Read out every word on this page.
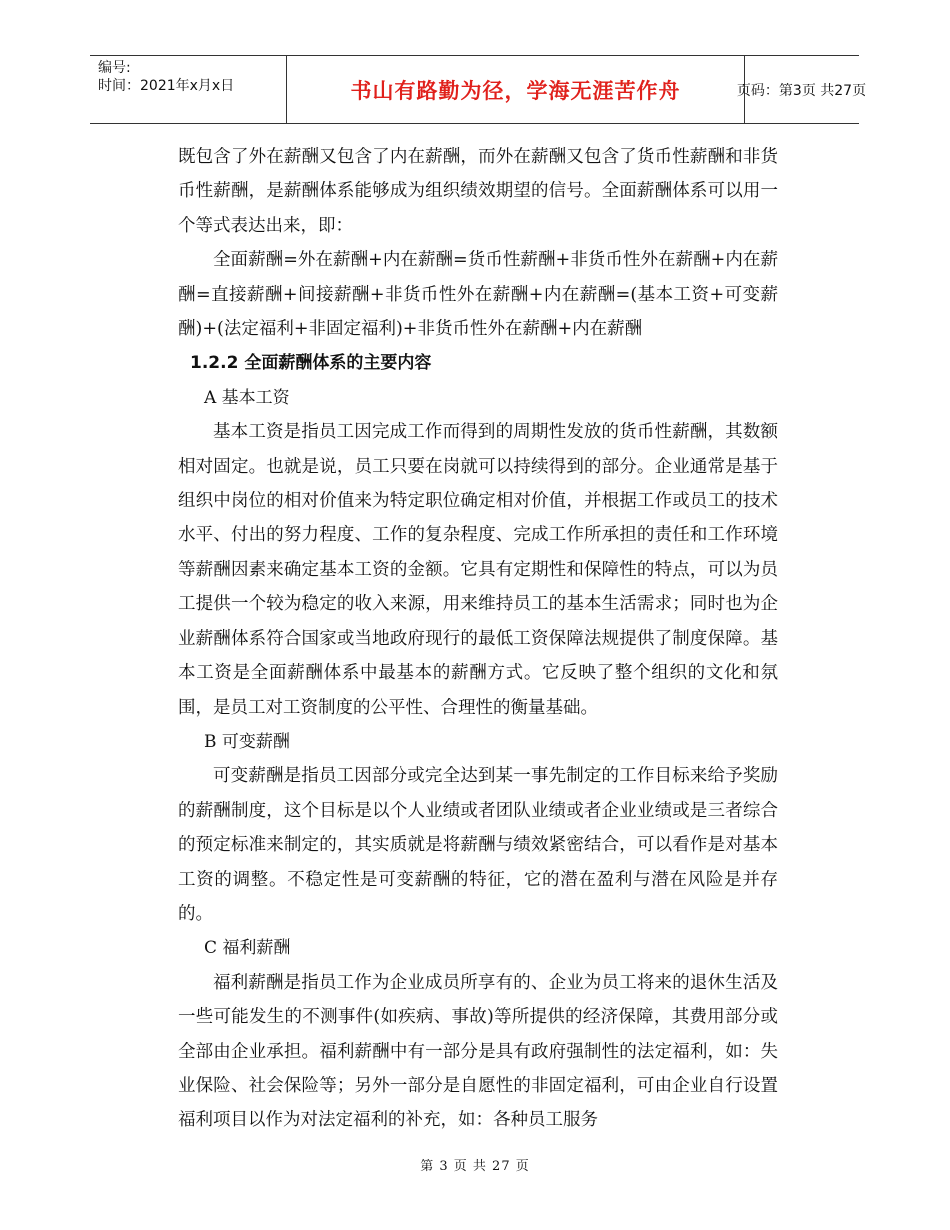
编号:
时间：2021年x月x日	书山有路勤为径，学海无涯苦作舟	页码：第3页 共27页

既包含了外在薪酬又包含了内在薪酬，而外在薪酬又包含了货币性薪酬和非货币性薪酬，是薪酬体系能够成为组织绩效期望的信号。全面薪酬体系可以用一个等式表达出来，即：

全面薪酬=外在薪酬+内在薪酬=货币性薪酬+非货币性外在薪酬+内在薪酬=直接薪酬+间接薪酬+非货币性外在薪酬+内在薪酬=(基本工资+可变薪酬)+(法定福利+非固定福利)+非货币性外在薪酬+内在薪酬

1.2.2 全面薪酬体系的主要内容

A 基本工资

基本工资是指员工因完成工作而得到的周期性发放的货币性薪酬，其数额相对固定。也就是说，员工只要在岗就可以持续得到的部分。企业通常是基于组织中岗位的相对价值来为特定职位确定相对价值，并根据工作或员工的技术水平、付出的努力程度、工作的复杂程度、完成工作所承担的责任和工作环境等薪酬因素来确定基本工资的金额。它具有定期性和保障性的特点，可以为员工提供一个较为稳定的收入来源，用来维持员工的基本生活需求；同时也为企业薪酬体系符合国家或当地政府现行的最低工资保障法规提供了制度保障。基本工资是全面薪酬体系中最基本的薪酬方式。它反映了整个组织的文化和氛围，是员工对工资制度的公平性、合理性的衡量基础。

B 可变薪酬

可变薪酬是指员工因部分或完全达到某一事先制定的工作目标来给予奖励的薪酬制度，这个目标是以个人业绩或者团队业绩或者企业业绩或是三者综合的预定标准来制定的，其实质就是将薪酬与绩效紧密结合，可以看作是对基本工资的调整。不稳定性是可变薪酬的特征，它的潜在盈利与潜在风险是并存的。

C 福利薪酬

福利薪酬是指员工作为企业成员所享有的、企业为员工将来的退休生活及一些可能发生的不测事件(如疾病、事故)等所提供的经济保障，其费用部分或全部由企业承担。福利薪酬中有一部分是具有政府强制性的法定福利，如：失业保险、社会保险等；另外一部分是自愿性的非固定福利，可由企业自行设置福利项目以作为对法定福利的补充，如：各种员工服务

第 3 页 共 27 页
